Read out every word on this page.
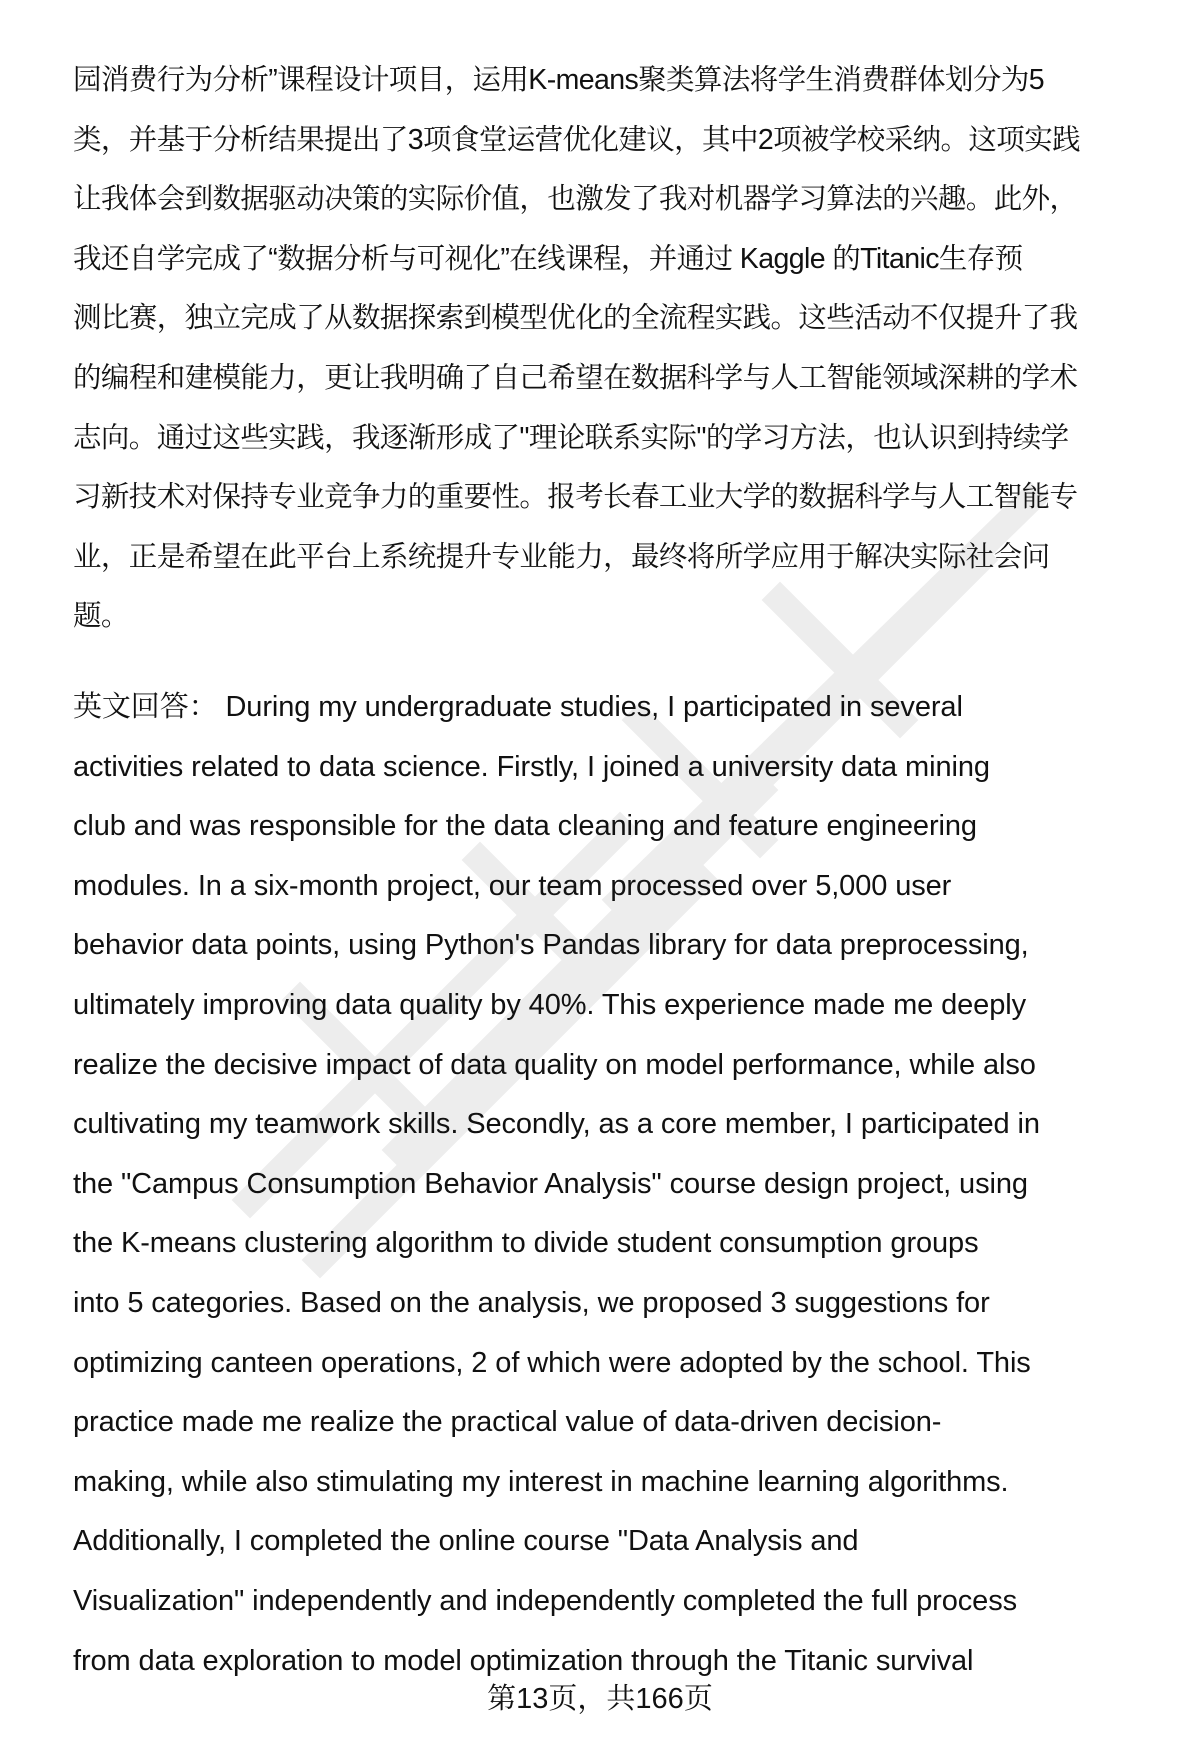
园消费行为分析”课程设计项目，运用K-means聚类算法将学生消费群体划分为5
类，并基于分析结果提出了3项食堂运营优化建议，其中2项被学校采纳。这项实践
让我体会到数据驱动决策的实际价值，也激发了我对机器学习算法的兴趣。此外，
我还自学完成了“数据分析与可视化”在线课程，并通过 Kaggle 的Titanic生存预
测比赛，独立完成了从数据探索到模型优化的全流程实践。这些活动不仅提升了我
的编程和建模能力，更让我明确了自己希望在数据科学与人工智能领域深耕的学术
志向。通过这些实践，我逐渐形成了"理论联系实际"的学习方法，也认识到持续学
习新技术对保持专业竞争力的重要性。报考长春工业大学的数据科学与人工智能专
业，正是希望在此平台上系统提升专业能力，最终将所学应用于解决实际社会问
题。
英文回答： During my undergraduate studies, I participated in several
activities related to data science. Firstly, I joined a university data mining
club and was responsible for the data cleaning and feature engineering
modules. In a six-month project, our team processed over 5,000 user
behavior data points, using Python's Pandas library for data preprocessing,
ultimately improving data quality by 40%. This experience made me deeply
realize the decisive impact of data quality on model performance, while also
cultivating my teamwork skills. Secondly, as a core member, I participated in
the "Campus Consumption Behavior Analysis" course design project, using
the K-means clustering algorithm to divide student consumption groups
into 5 categories. Based on the analysis, we proposed 3 suggestions for
optimizing canteen operations, 2 of which were adopted by the school. This
practice made me realize the practical value of data-driven decision-
making, while also stimulating my interest in machine learning algorithms.
Additionally, I completed the online course "Data Analysis and
Visualization" independently and independently completed the full process
from data exploration to model optimization through the Titanic survival
第13页，共166页
